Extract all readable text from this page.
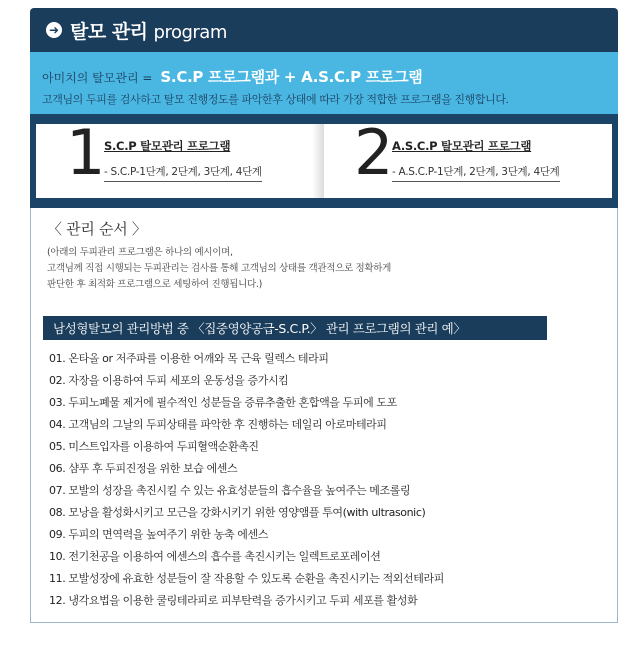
➜ 탈모 관리 program
아미치의 탈모관리 = S.C.P 프로그램과 + A.S.C.P 프로그램
고객님의 두피를 검사하고 탈모 진행정도를 파악한후 상태에 따라 가장 적합한 프로그램을 진행합니다.
1
S.C.P 탈모관리 프로그램
- S.C.P-1단계, 2단계, 3단계, 4단계 2
A.S.C.P 탈모관리 프로그램
- A.S.C.P-1단계, 2단계, 3단계, 4단계
〈 관리 순서 〉
(아래의 두피관리 프로그램은 하나의 예시이며,
고객님께 직접 시행되는 두피관리는 검사를 통해 고객님의 상태를 객관적으로 정확하게
판단한 후 최적화 프로그램으로 세팅하여 진행됩니다.)
남성형탈모의 관리방법 중 〈집중영양공급-S.C.P.〉 관리 프로그램의 관리 예〉
01. 온타올 or 저주파를 이용한 어깨와 목 근육 릴렉스 테라피
02. 자장을 이용하여 두피 세포의 운동성을 증가시킴
03. 두피노폐물 제거에 필수적인 성분들을 증류추출한 혼합액을 두피에 도포
04. 고객님의 그날의 두피상태를 파악한 후 진행하는 데일리 아로마테라피
05. 미스트입자를 이용하여 두피혈액순환촉진
06. 샴푸 후 두피진정을 위한 보습 에센스
07. 모발의 성장을 촉진시킬 수 있는 유효성분들의 흡수율을 높여주는 메조롤링
08. 모낭을 활성화시키고 모근을 강화시키기 위한 영양앰플 투여(with ultrasonic)
09. 두피의 면역력을 높여주기 위한 농축 에센스
10. 전기천공을 이용하여 에센스의 흡수를 촉진시키는 일렉트로포레이션
11. 모발성장에 유효한 성분들이 잘 작용할 수 있도록 순환을 촉진시키는 적외선테라피
12. 냉각요법을 이용한 쿨링테라피로 피부탄력을 증가시키고 두피 세포를 활성화
